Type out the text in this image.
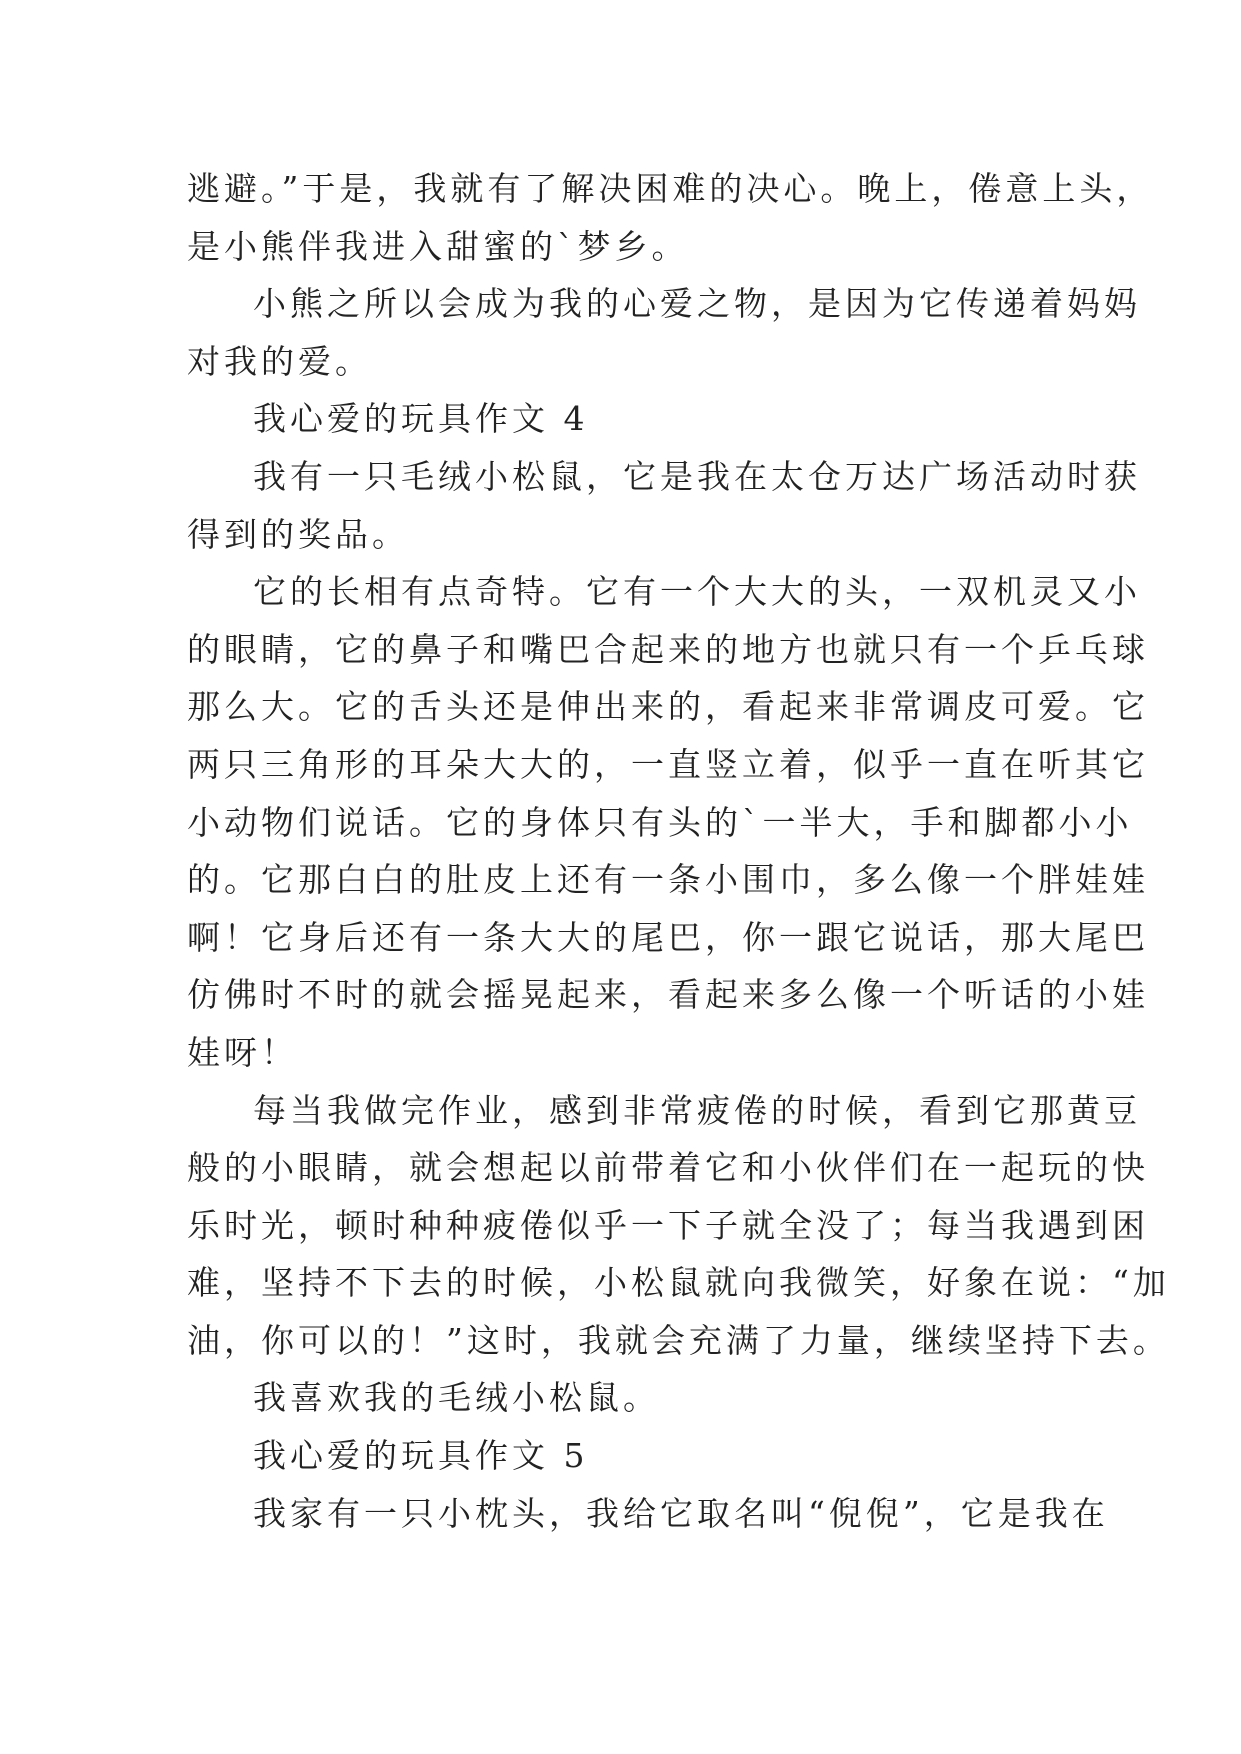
逃避。”于是，我就有了解决困难的决心。晚上，倦意上头，
是小熊伴我进入甜蜜的`梦乡。
小熊之所以会成为我的心爱之物，是因为它传递着妈妈
对我的爱。
我心爱的玩具作文 4
我有一只毛绒小松鼠，它是我在太仓万达广场活动时获
得到的奖品。
它的长相有点奇特。它有一个大大的头，一双机灵又小
的眼睛，它的鼻子和嘴巴合起来的地方也就只有一个乒乓球
那么大。它的舌头还是伸出来的，看起来非常调皮可爱。它
两只三角形的耳朵大大的，一直竖立着，似乎一直在听其它
小动物们说话。它的身体只有头的`一半大，手和脚都小小
的。它那白白的肚皮上还有一条小围巾，多么像一个胖娃娃
啊！它身后还有一条大大的尾巴，你一跟它说话，那大尾巴
仿佛时不时的就会摇晃起来，看起来多么像一个听话的小娃
娃呀！
每当我做完作业，感到非常疲倦的时候，看到它那黄豆
般的小眼睛，就会想起以前带着它和小伙伴们在一起玩的快
乐时光，顿时种种疲倦似乎一下子就全没了；每当我遇到困
难，坚持不下去的时候，小松鼠就向我微笑，好象在说：“加
油，你可以的！”这时，我就会充满了力量，继续坚持下去。
我喜欢我的毛绒小松鼠。
我心爱的玩具作文 5
我家有一只小枕头，我给它取名叫“倪倪”，它是我在
